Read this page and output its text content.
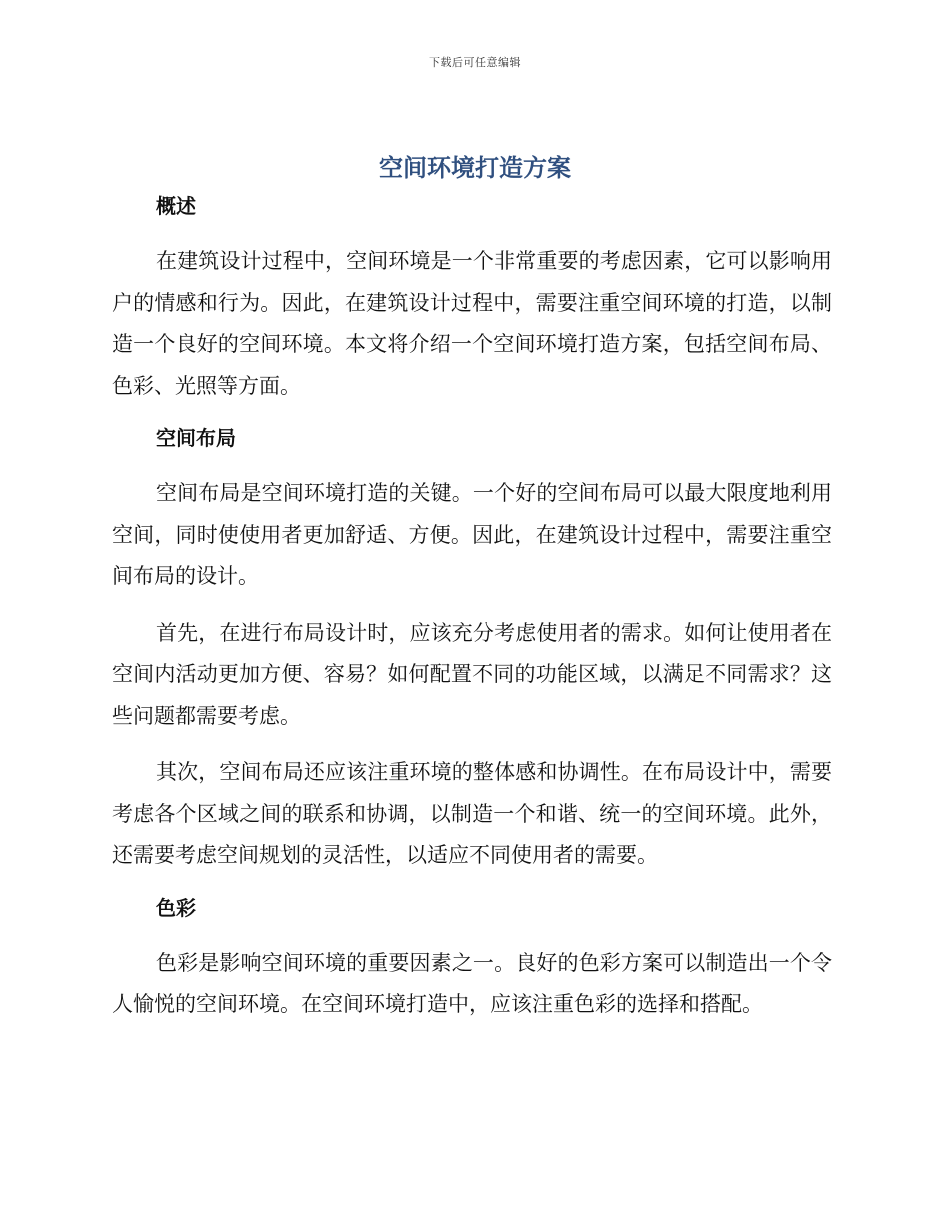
下载后可任意编辑
空间环境打造方案
概述

在建筑设计过程中，空间环境是一个非常重要的考虑因素，它可以影响用户的情感和行为。因此，在建筑设计过程中，需要注重空间环境的打造，以制造一个良好的空间环境。本文将介绍一个空间环境打造方案，包括空间布局、色彩、光照等方面。

空间布局

空间布局是空间环境打造的关键。一个好的空间布局可以最大限度地利用空间，同时使使用者更加舒适、方便。因此，在建筑设计过程中，需要注重空间布局的设计。

首先，在进行布局设计时，应该充分考虑使用者的需求。如何让使用者在空间内活动更加方便、容易？如何配置不同的功能区域，以满足不同需求？这些问题都需要考虑。

其次，空间布局还应该注重环境的整体感和协调性。在布局设计中，需要考虑各个区域之间的联系和协调，以制造一个和谐、统一的空间环境。此外，还需要考虑空间规划的灵活性，以适应不同使用者的需要。

色彩

色彩是影响空间环境的重要因素之一。良好的色彩方案可以制造出一个令人愉悦的空间环境。在空间环境打造中，应该注重色彩的选择和搭配。
